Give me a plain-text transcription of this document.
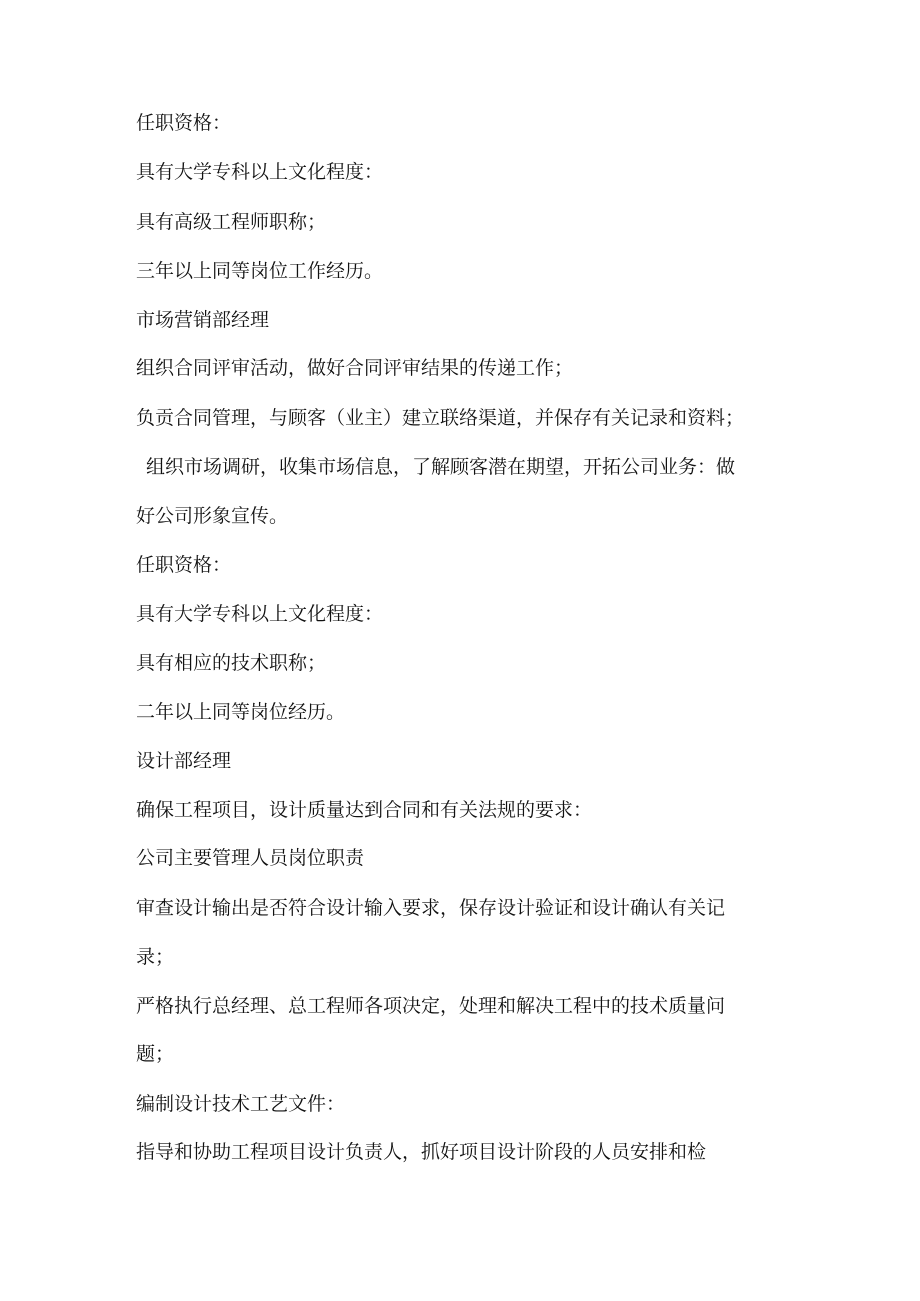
任职资格：

具有大学专科以上文化程度：

具有高级工程师职称；

三年以上同等岗位工作经历。

市场营销部经理

组织合同评审活动，做好合同评审结果的传递工作；

负贡合同管理，与顾客（业主）建立联络渠道，并保存有关记录和资料；

组织市场调研，收集市场信息，了解顾客潜在期望，开拓公司业务：做

好公司形象宣传。

任职资格：

具有大学专科以上文化程度：

具有相应的技术职称；

二年以上同等岗位经历。

设计部经理

确保工程项目，设计质量达到合同和有关法规的要求：

公司主要管理人员岗位职责

审查设计输出是否符合设计输入要求，保存设计验证和设计确认有关记

录；

严格执行总经理、总工程师各项决定，处理和解决工程中的技术质量问

题；

编制设计技术工艺文件：

指导和协助工程项目设计负责人，抓好项目设计阶段的人员安排和检
